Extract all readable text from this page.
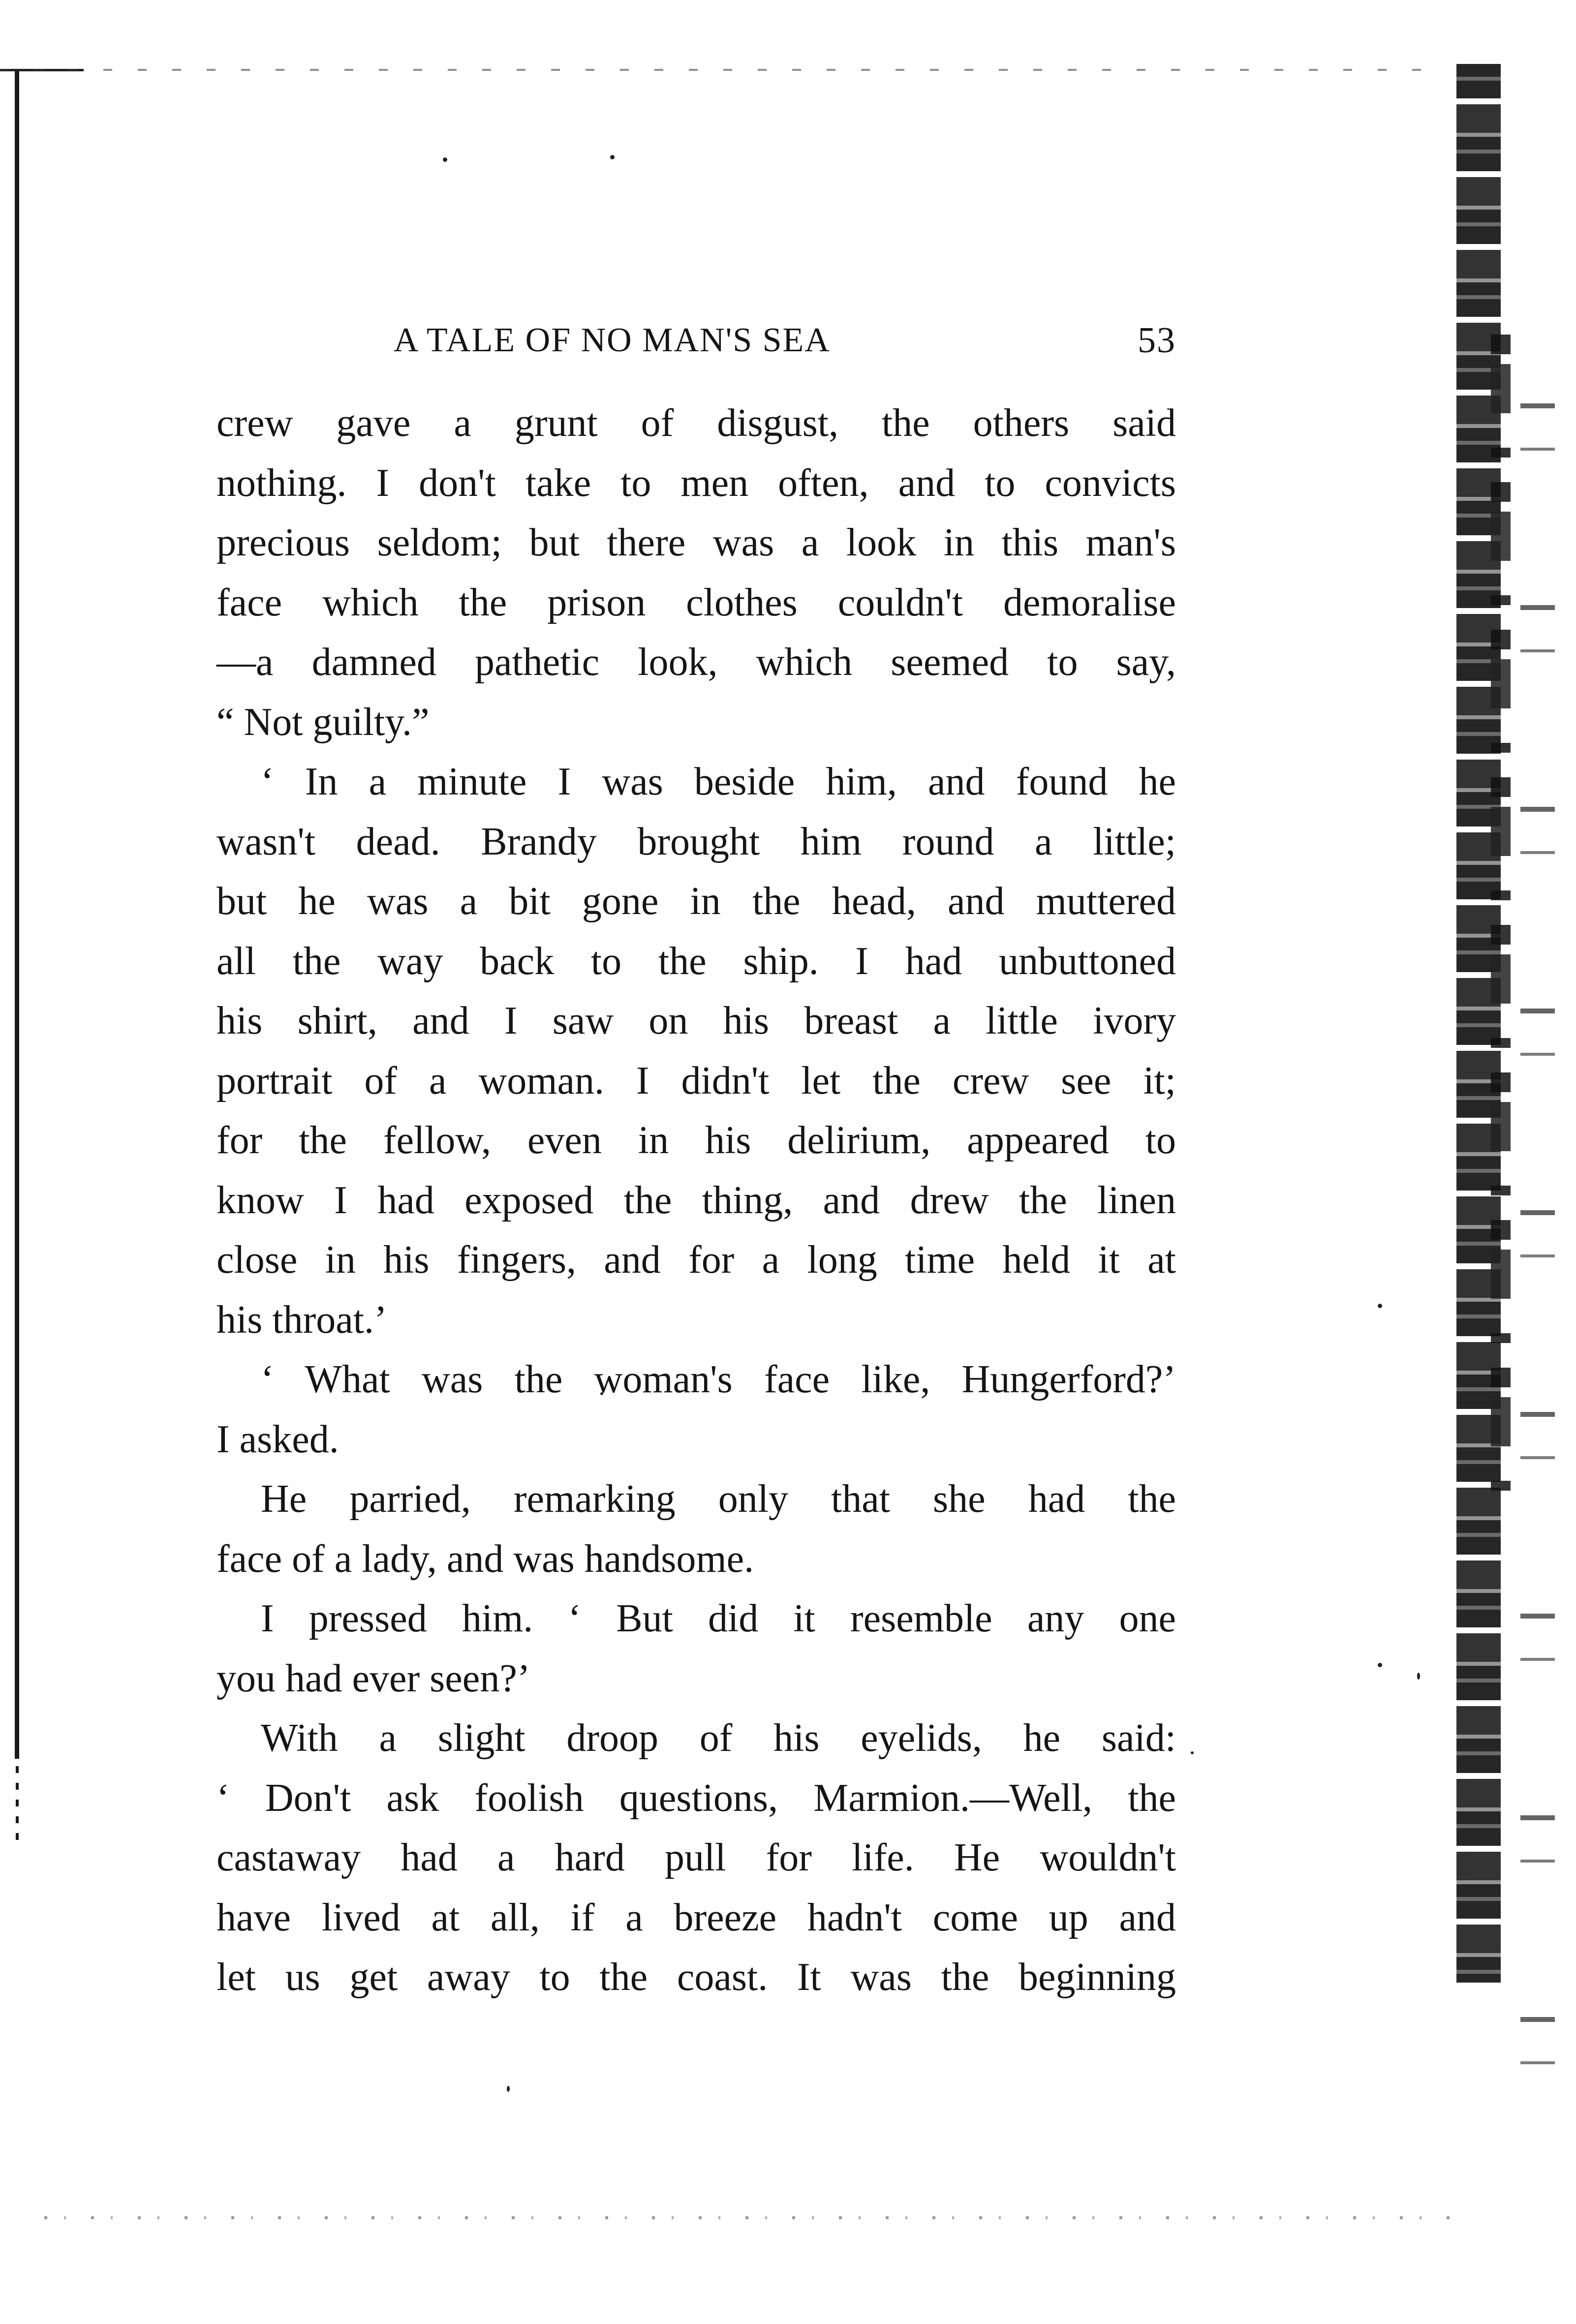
A TALE OF NO MAN'S SEA	53
crew gave a grunt of disgust, the others said
nothing. I don't take to men often, and to convicts
precious seldom; but there was a look in this man's
face which the prison clothes couldn't demoralise
—a damned pathetic look, which seemed to say,
“ Not guilty.”
‘ In a minute I was beside him, and found he
wasn't dead. Brandy brought him round a little;
but he was a bit gone in the head, and muttered
all the way back to the ship. I had unbuttoned
his shirt, and I saw on his breast a little ivory
portrait of a woman. I didn't let the crew see it;
for the fellow, even in his delirium, appeared to
know I had exposed the thing, and drew the linen
close in his fingers, and for a long time held it at
his throat.’
‘ What was the woman's face like, Hungerford?’
I asked.
He parried, remarking only that she had the
face of a lady, and was handsome.
I pressed him. ‘ But did it resemble any one
you had ever seen?’
With a slight droop of his eyelids, he said:
‘ Don't ask foolish questions, Marmion.—Well, the
castaway had a hard pull for life. He wouldn't
have lived at all, if a breeze hadn't come up and
let us get away to the coast. It was the beginning
